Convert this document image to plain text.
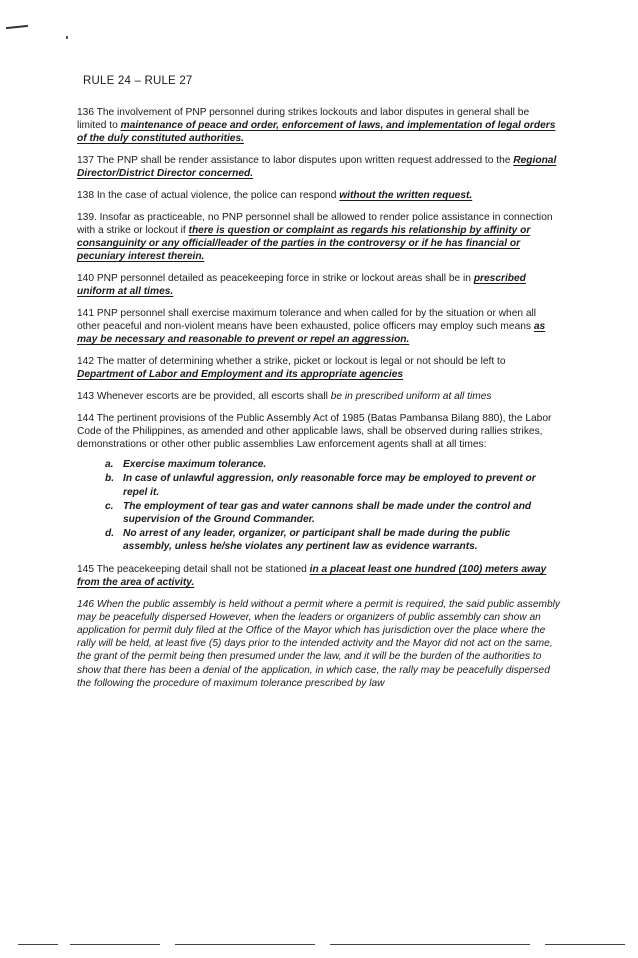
RULE 24 – RULE 27

136 The involvement of PNP personnel during strikes lockouts and labor disputes in general shall be limited to maintenance of peace and order, enforcement of laws, and implementation of legal orders of the duly constituted authorities.

137 The PNP shall be render assistance to labor disputes upon written request addressed to the Regional Director/District Director concerned.

138 In the case of actual violence, the police can respond without the written request.

139. Insofar as practiceable, no PNP personnel shall be allowed to render police assistance in connection with a strike or lockout if there is question or complaint as regards his relationship by affinity or consanguinity or any official/leader of the parties in the controversy or if he has financial or pecuniary interest therein.

140 PNP personnel detailed as peacekeeping force in strike or lockout areas shall be in prescribed uniform at all times.

141 PNP personnel shall exercise maximum tolerance and when called for by the situation or when all other peaceful and non-violent means have been exhausted, police officers may employ such means as may be necessary and reasonable to prevent or repel an aggression.

142 The matter of determining whether a strike, picket or lockout is legal or not should be left to Department of Labor and Employment and its appropriate agencies

143 Whenever escorts are be provided, all escorts shall be in prescribed uniform at all times

144 The pertinent provisions of the Public Assembly Act of 1985 (Batas Pambansa Bilang 880), the Labor Code of the Philippines, as amended and other applicable laws, shall be observed during rallies strikes, demonstrations or other other public assemblies Law enforcement agents shall at all times:

a. Exercise maximum tolerance.
b. In case of unlawful aggression, only reasonable force may be employed to prevent or repel it.
c. The employment of tear gas and water cannons shall be made under the control and supervision of the Ground Commander.
d. No arrest of any leader, organizer, or participant shall be made during the public assembly, unless he/she violates any pertinent law as evidence warrants.

145 The peacekeeping detail shall not be stationed in a placeat least one hundred (100) meters away from the area of activity.

146 When the public assembly is held without a permit where a permit is required, the said public assembly may be peacefully dispersed However, when the leaders or organizers of public assembly can show an application for permit duly filed at the Office of the Mayor which has jurisdiction over the place where the rally will be held, at least five (5) days prior to the intended activity and the Mayor did not act on the same, the grant of the permit being then presumed under the law, and it will be the burden of the authorities to show that there has been a denial of the application, in which case, the rally may be peacefully dispersed the following the procedure of maximum tolerance prescribed by law
